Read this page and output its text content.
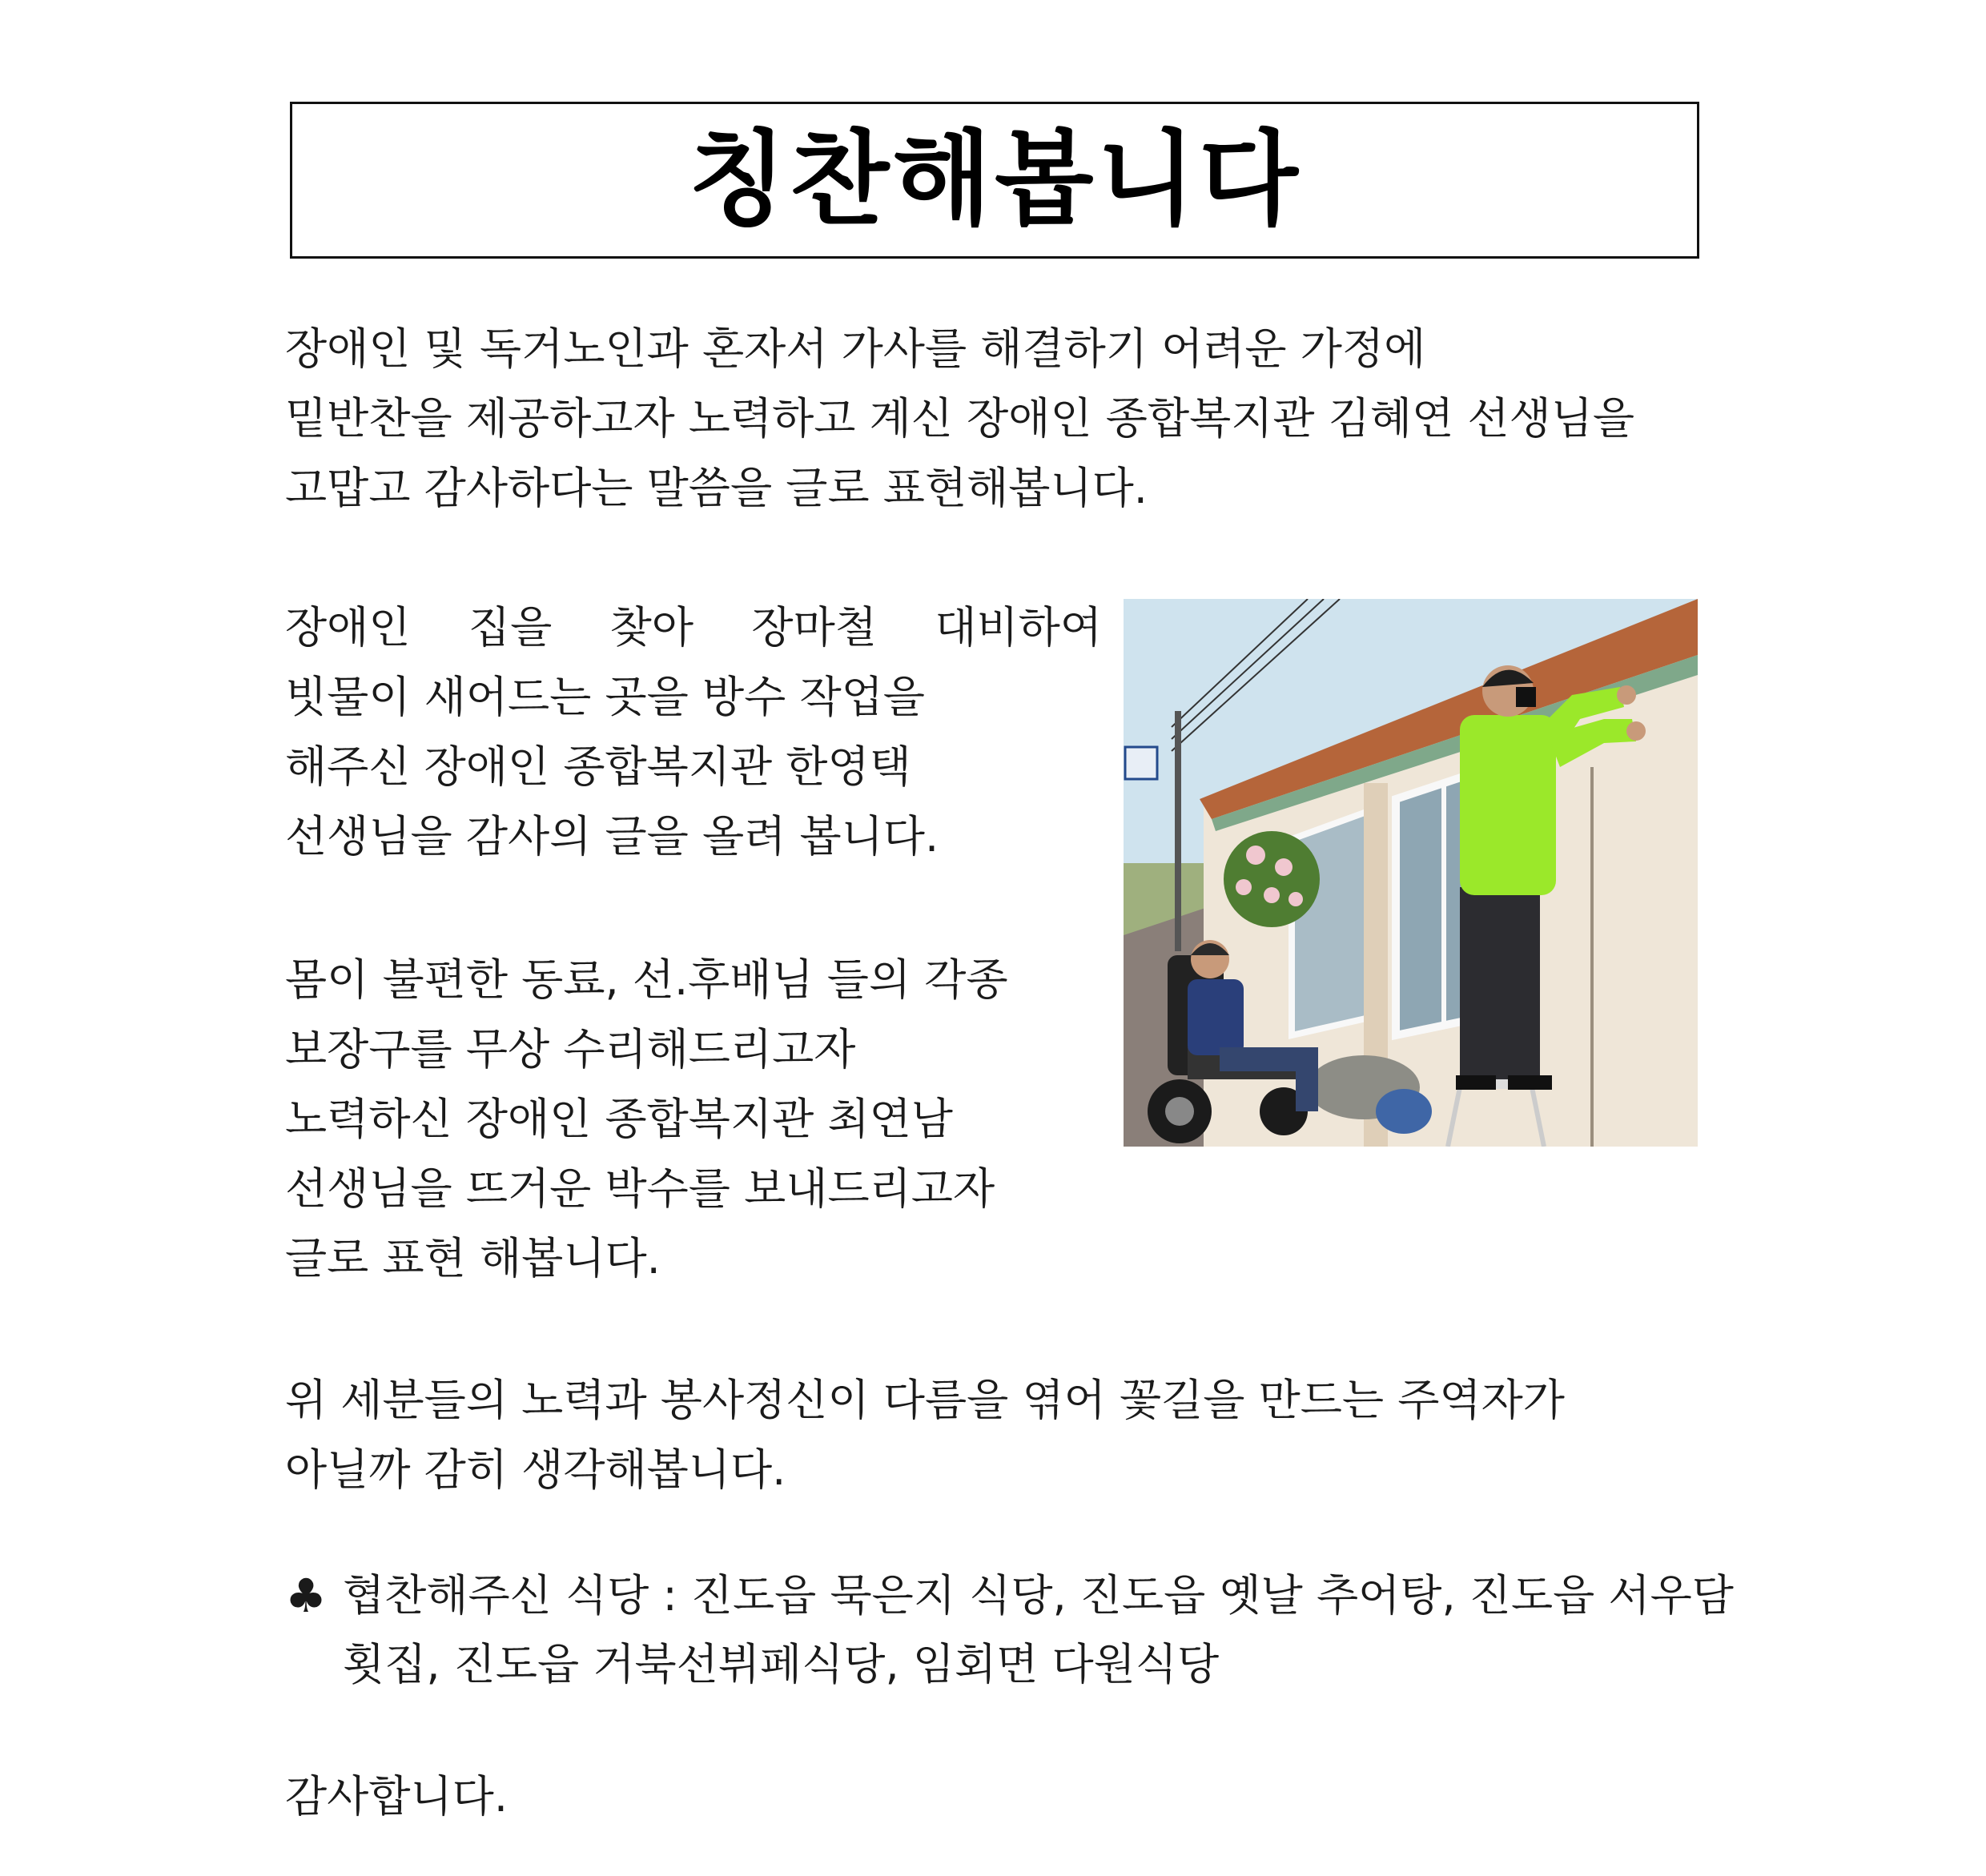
칭찬해봅니다
장애인 및 독거노인과 혼자서 가사를 해결하기 어려운 가정에
밑반찬을 제공하고자 노력하고 계신 장애인 종합복지관 김혜연 선생님을
고맙고 감사하다는 말씀을 글로 표현해봅니다.
장애인 집을 찾아 장마철 대비하여
빗물이 새어드는 곳을 방수 작업을
해주신 장애인 종합복지관 한영택
선생님을 감사의 글을 올려 봅니다.
몸이 불편한 동료, 선.후배님 들의 각종
보장구를 무상 수리해드리고자
노력하신 장애인 종합복지관 최연남
선생님을 뜨거운 박수를 보내드리고자
글로 표현 해봅니다.
위 세분들의 노력과 봉사정신이 다름을 엮어 꽃길을 만드는 주역자가
아닐까 감히 생각해봅니다.
♣ 협찬해주신 식당 : 진도읍 묵은지 식당, 진도읍 옛날 추어탕, 진도읍 서우담
횟집, 진도읍 거북선뷔페식당, 임회면 다원식당
감사합니다.
